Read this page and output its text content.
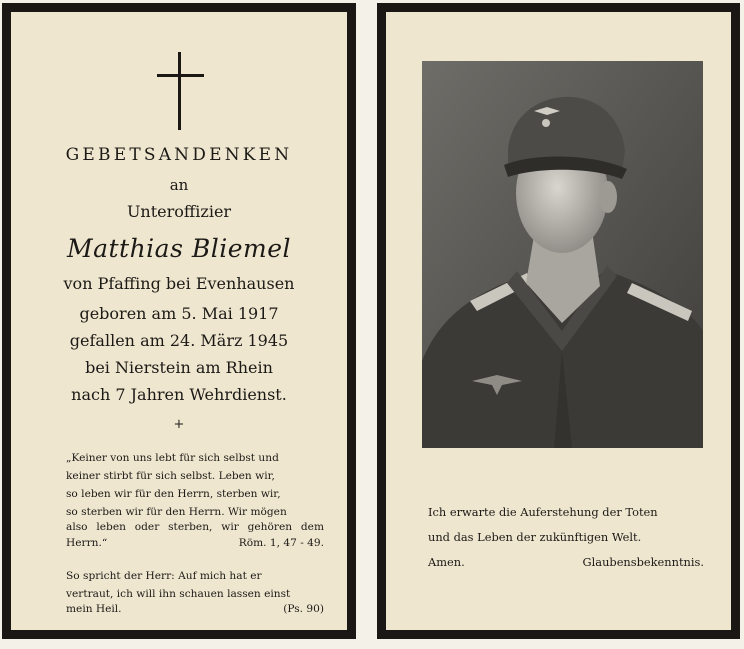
GEBETSANDENKEN
an
Unteroffizier
Matthias Bliemel
von Pfaffing bei Evenhausen
geboren am 5. Mai 1917
gefallen am 24. März 1945
bei Nierstein am Rhein
nach 7 Jahren Wehrdienst.
+
„Keiner von uns lebt für sich selbst und
keiner stirbt für sich selbst. Leben wir,
so leben wir für den Herrn, sterben wir,
so sterben wir für den Herrn. Wir mögen
also leben oder sterben, wir gehören dem
Herrn.“	Röm. 1, 47 - 49.
So spricht der Herr: Auf mich hat er
vertraut, ich will ihn schauen lassen einst
mein Heil.	(Ps. 90)
Ich erwarte die Auferstehung der Toten
und das Leben der zukünftigen Welt.
Amen.	Glaubensbekenntnis.
